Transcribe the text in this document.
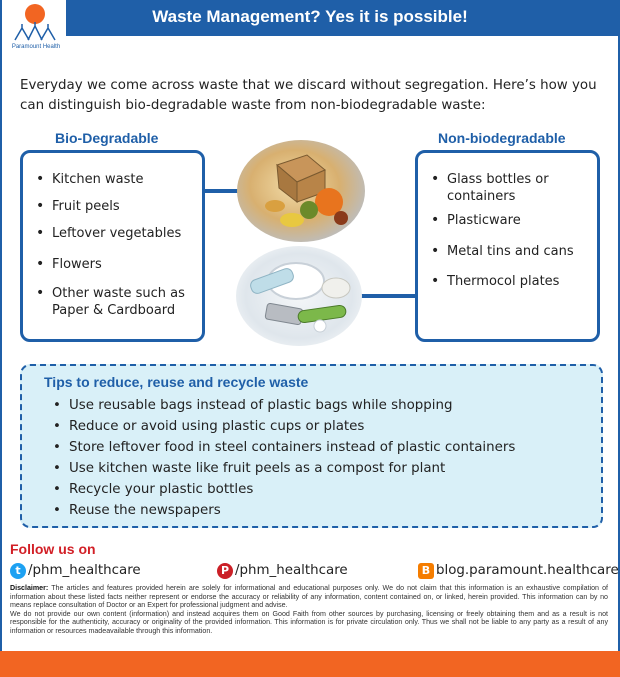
Waste Management? Yes it is possible!
Paramount Health
Everyday we come across waste that we discard without segregation. Here’s how you can distinguish bio-degradable waste from non-biodegradable waste:
Bio-Degradable	Non-biodegradable
• Kitchen waste
• Fruit peels
• Leftover vegetables
• Flowers
• Other waste such as Paper & Cardboard
• Glass bottles or containers
• Plasticware
• Metal tins and cans
• Thermocol plates
Tips to reduce, reuse and recycle waste
• Use reusable bags instead of plastic bags while shopping
• Reduce or avoid using plastic cups or plates
• Store leftover food in steel containers instead of plastic containers
• Use kitchen waste like fruit peels as a compost for plant
• Recycle your plastic bottles
• Reuse the newspapers
Follow us on
t /phm_healthcare	P /phm_healthcare	B blog.paramount.healthcare
Disclaimer: The articles and features provided herein are solely for informational and educational purposes only. We do not claim that this information is an exhaustive compilation of information about these listed facts neither represent or endorse the accuracy or reliability of any information, content contained on, or linked, herein provided. This information can by no means replace consultation of Doctor or an Expert for professional judgment and advise.
We do not provide our own content (information) and instead acquires them on Good Faith from other sources by purchasing, licensing or freely obtaining them and as a result is not responsible for the authenticity, accuracy or originality of the provided information. This information is for private circulation only. Thus we shall not be liable to any party as a result of any information or resources madeavailable through this information.
